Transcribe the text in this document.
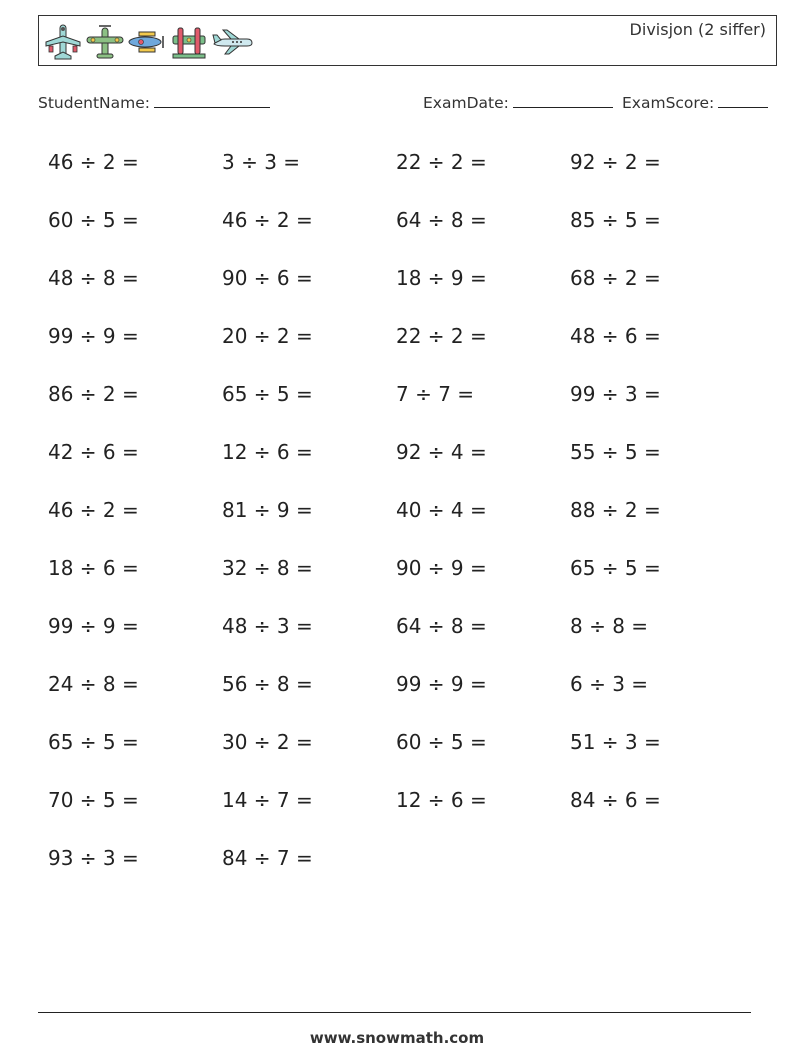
Divisjon (2 siffer)
StudentName:	ExamDate:	ExamScore:
46 ÷ 2 =	3 ÷ 3 =	22 ÷ 2 =	92 ÷ 2 =
60 ÷ 5 =	46 ÷ 2 =	64 ÷ 8 =	85 ÷ 5 =
48 ÷ 8 =	90 ÷ 6 =	18 ÷ 9 =	68 ÷ 2 =
99 ÷ 9 =	20 ÷ 2 =	22 ÷ 2 =	48 ÷ 6 =
86 ÷ 2 =	65 ÷ 5 =	7 ÷ 7 =	99 ÷ 3 =
42 ÷ 6 =	12 ÷ 6 =	92 ÷ 4 =	55 ÷ 5 =
46 ÷ 2 =	81 ÷ 9 =	40 ÷ 4 =	88 ÷ 2 =
18 ÷ 6 =	32 ÷ 8 =	90 ÷ 9 =	65 ÷ 5 =
99 ÷ 9 =	48 ÷ 3 =	64 ÷ 8 =	8 ÷ 8 =
24 ÷ 8 =	56 ÷ 8 =	99 ÷ 9 =	6 ÷ 3 =
65 ÷ 5 =	30 ÷ 2 =	60 ÷ 5 =	51 ÷ 3 =
70 ÷ 5 =	14 ÷ 7 =	12 ÷ 6 =	84 ÷ 6 =
93 ÷ 3 =	84 ÷ 7 =
www.snowmath.com
